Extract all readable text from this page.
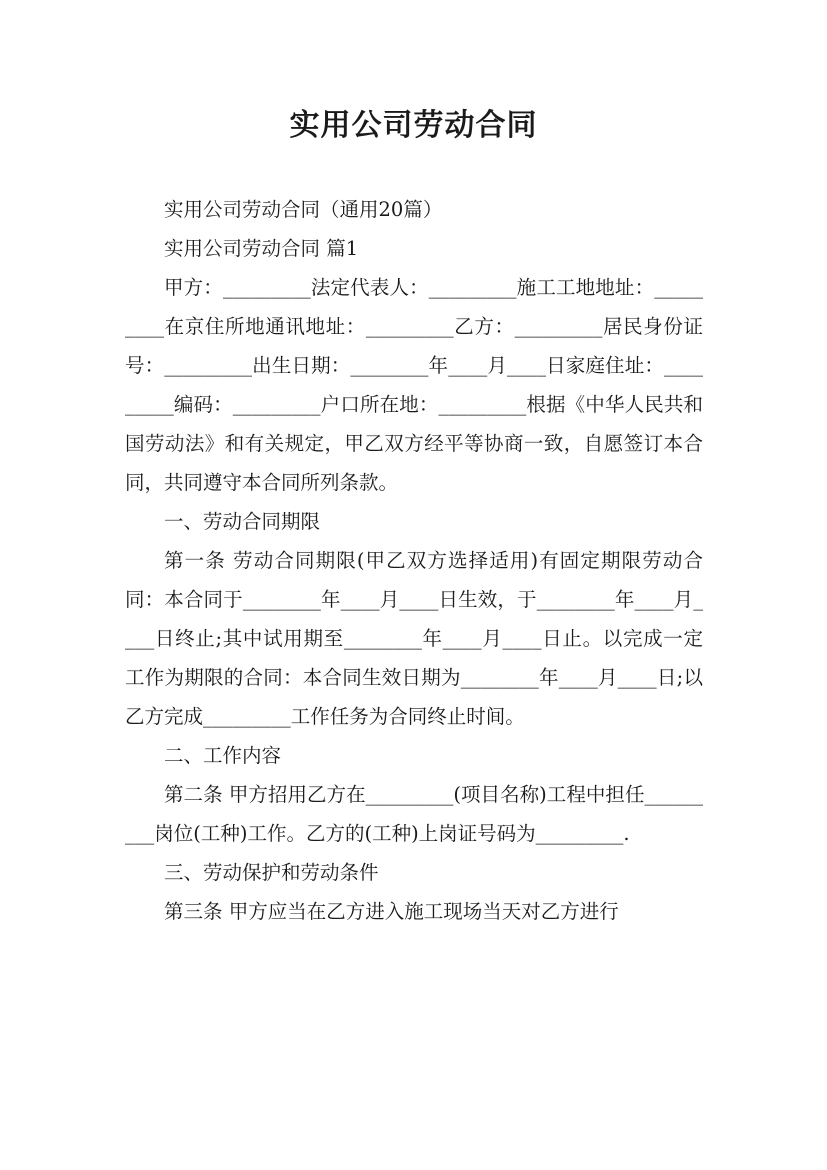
实用公司劳动合同

实用公司劳动合同（通用20篇）

实用公司劳动合同 篇1

甲方：_________法定代表人：_________施工工地地址：_________在京住所地通讯地址：_________乙方：_________居民身份证号：_________出生日期：________年____月____日家庭住址：_________编码：_________户口所在地：_________根据《中华人民共和国劳动法》和有关规定，甲乙双方经平等协商一致，自愿签订本合同，共同遵守本合同所列条款。

一、劳动合同期限

第一条 劳动合同期限(甲乙双方选择适用)有固定期限劳动合同：本合同于________年____月____日生效，于________年____月____日终止;其中试用期至________年____月____日止。以完成一定工作为期限的合同：本合同生效日期为________年____月____日;以乙方完成_________工作任务为合同终止时间。

二、工作内容

第二条 甲方招用乙方在_________(项目名称)工程中担任_________岗位(工种)工作。乙方的(工种)上岗证号码为_________.

三、劳动保护和劳动条件

第三条 甲方应当在乙方进入施工现场当天对乙方进行
